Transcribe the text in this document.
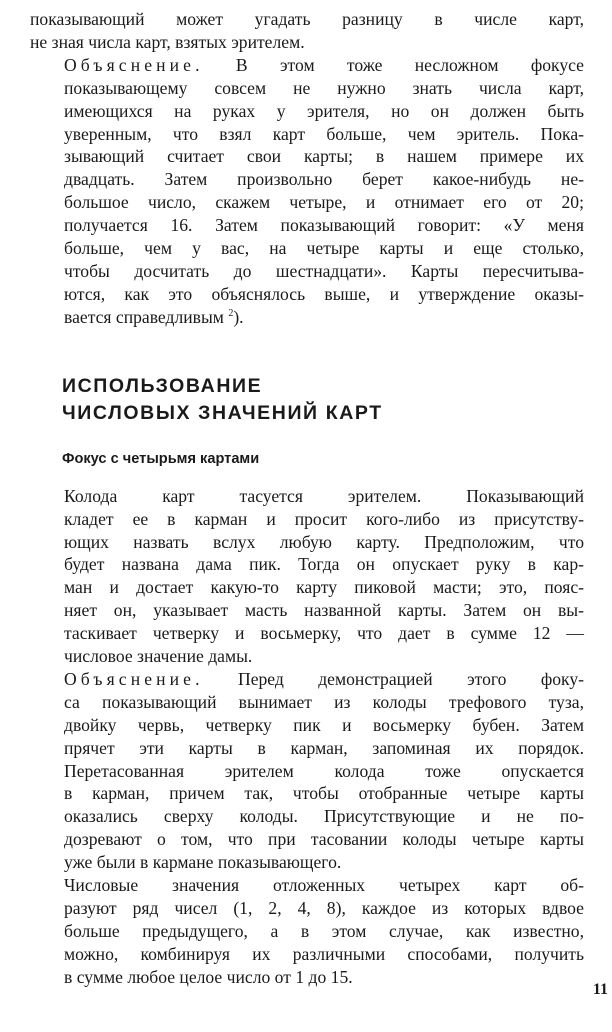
показывающий может угадать разницу в числе карт,
не зная числа карт, взятых эрителем.

Объяснение. В этом тоже несложном фокусе
показывающему совсем не нужно знать числа карт,
имеющихся на руках у эрителя, но он должен быть
уверенным, что взял карт больше, чем эритель. Пока-
зывающий считает свои карты; в нашем примере их
двадцать. Затем произвольно берет какое-нибудь не-
большое число, скажем четыре, и отнимает его от 20;
получается 16. Затем показывающий говорит: «У меня
больше, чем у вас, на четыре карты и еще столько,
чтобы досчитать до шестнадцати». Карты пересчитыва-
ются, как это объяснялось выше, и утверждение оказы-
вается справедливым $^2$).

ИСПОЛЬЗОВАНИЕ
ЧИСЛОВЫХ ЗНАЧЕНИЙ КАРТ
Фокус с четырьмя картами

Колода карт тасуется эрителем. Показывающий
кладет ее в карман и просит кого-либо из присутству-
ющих назвать вслух любую карту. Предположим, что
будет названа дама пик. Тогда он опускает руку в кар-
ман и достает какую-то карту пиковой масти; это, пояс-
няет он, указывает масть названной карты. Затем он вы-
таскивает четверку и восьмерку, что дает в сумме 12 —
числовое значение дамы.

Объяснение. Перед демонстрацией этого фоку-
са показывающий вынимает из колоды трефового туза,
двойку червь, четверку пик и восьмерку бубен. Затем
прячет эти карты в карман, запоминая их порядок.
Перетасованная эрителем колода тоже опускается
в карман, причем так, чтобы отобранные четыре карты
оказались сверху колоды. Присутствующие и не по-
дозревают о том, что при тасовании колоды четыре карты
уже были в кармане показывающего.

Числовые значения отложенных четырех карт об-
разуют ряд чисел (1, 2, 4, 8), каждое из которых вдвое
больше предыдущего, а в этом случае, как известно,
можно, комбинируя их различными способами, получить
в сумме любое целое число от 1 до 15.

11
